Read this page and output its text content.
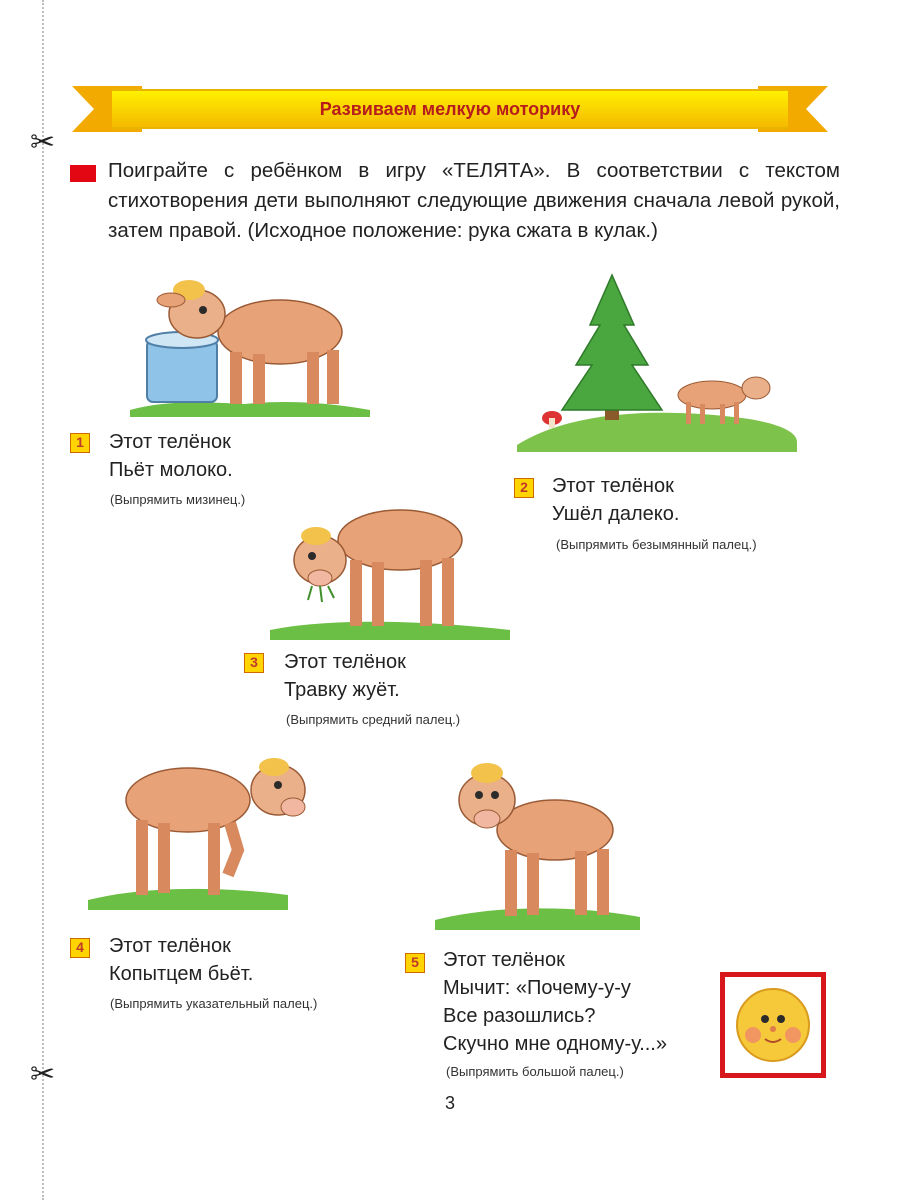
✂
✂
Развиваем мелкую моторику
Поиграйте с ребёнком в игру «ТЕЛЯТА». В соответствии с текстом стихотворения дети выполняют следующие движения сначала левой рукой, затем правой. (Исходное положение: рука сжата в кулак.)
1	Этот телёнок
Пьёт молоко.
(Выпрямить мизинец.)
2	Этот телёнок
Ушёл далеко.
(Выпрямить безымянный палец.)
3	Этот телёнок
Травку жуёт.
(Выпрямить средний палец.)
4	Этот телёнок
Копытцем бьёт.
(Выпрямить указательный палец.)
5	Этот телёнок
Мычит: «Почему-у-у
Все разошлись?
Скучно мне одному-у...»
(Выпрямить большой палец.)
3
